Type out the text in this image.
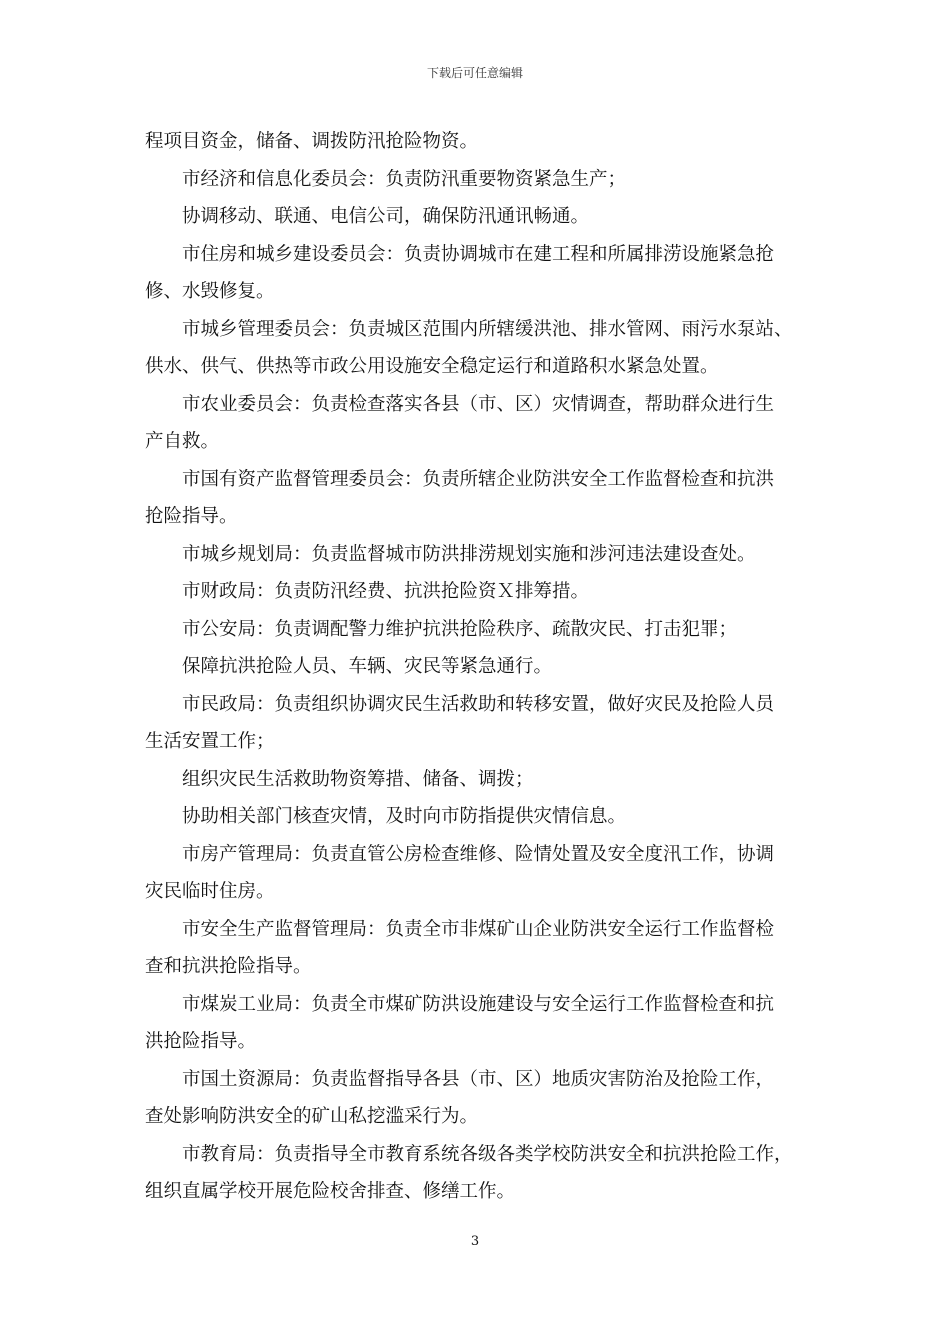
下载后可任意编辑
程项目资金，储备、调拨防汛抢险物资。
市经济和信息化委员会：负责防汛重要物资紧急生产；
协调移动、联通、电信公司，确保防汛通讯畅通。
市住房和城乡建设委员会：负责协调城市在建工程和所属排涝设施紧急抢
修、水毁修复。
市城乡管理委员会：负责城区范围内所辖缓洪池、排水管网、雨污水泵站、
供水、供气、供热等市政公用设施安全稳定运行和道路积水紧急处置。
市农业委员会：负责检查落实各县（市、区）灾情调查，帮助群众进行生
产自救。
市国有资产监督管理委员会：负责所辖企业防洪安全工作监督检查和抗洪
抢险指导。
市城乡规划局：负责监督城市防洪排涝规划实施和涉河违法建设查处。
市财政局：负责防汛经费、抗洪抢险资Ｘ排筹措。
市公安局：负责调配警力维护抗洪抢险秩序、疏散灾民、打击犯罪；
保障抗洪抢险人员、车辆、灾民等紧急通行。
市民政局：负责组织协调灾民生活救助和转移安置，做好灾民及抢险人员
生活安置工作；
组织灾民生活救助物资筹措、储备、调拨；
协助相关部门核查灾情，及时向市防指提供灾情信息。
市房产管理局：负责直管公房检查维修、险情处置及安全度汛工作，协调
灾民临时住房。
市安全生产监督管理局：负责全市非煤矿山企业防洪安全运行工作监督检
查和抗洪抢险指导。
市煤炭工业局：负责全市煤矿防洪设施建设与安全运行工作监督检查和抗
洪抢险指导。
市国土资源局：负责监督指导各县（市、区）地质灾害防治及抢险工作，
查处影响防洪安全的矿山私挖滥采行为。
市教育局：负责指导全市教育系统各级各类学校防洪安全和抗洪抢险工作，
组织直属学校开展危险校舍排查、修缮工作。
3
